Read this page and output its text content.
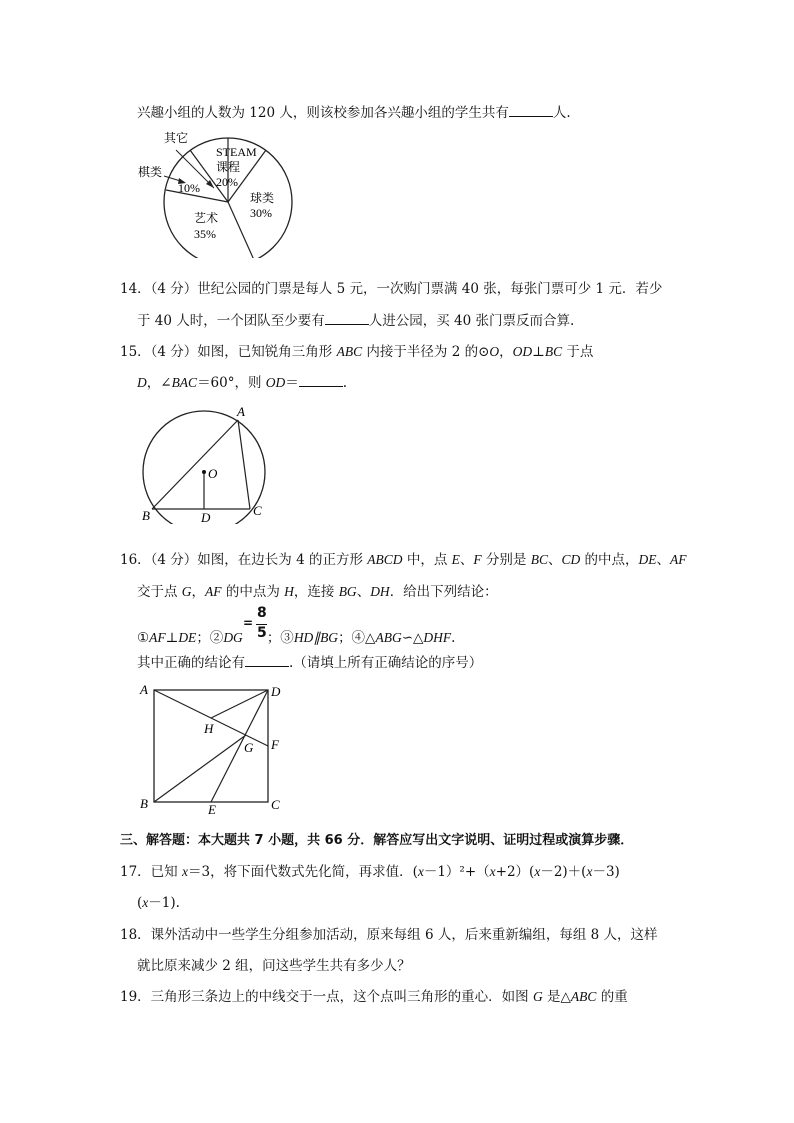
兴趣小组的人数为 120 人，则该校参加各兴趣小组的学生共有	人.
其它
棋类
STEAM
课程
20%
10%
球类
30%
艺术
35%
14．（4 分）世纪公园的门票是每人 5 元，一次购门票满 40 张，每张门票可少 1 元．若少
于 40 人时，一个团队至少要有	人进公园，买 40 张门票反而合算.
15．（4 分）如图，已知锐角三角形 ABC 内接于半径为 2 的⊙O，OD⊥BC 于点
D，∠BAC＝60°，则 OD＝	.
A
B	C
D
O
16．（4 分）如图，在边长为 4 的正方形 ABCD 中，点 E、F 分别是 BC、CD 的中点，DE、AF
交于点 G，AF 的中点为 H，连接 BG、DH．给出下列结论：
=
8
5
①AF⊥DE；②DG ；③HD∥BG；④△ABG∽△DHF.
其中正确的结论有	.（请填上所有正确结论的序号）
A	D
H
G F
B	E	C
三、解答题：本大题共 7 小题，共 66 分．解答应写出文字说明、证明过程或演算步骤．
17．已知 x＝3，将下面代数式先化简，再求值．(x－1）²+（x+2）(x－2)＋(x－3)
(x－1).
18．课外活动中一些学生分组参加活动，原来每组 6 人，后来重新编组，每组 8 人，这样
就比原来减少 2 组，问这些学生共有多少人？
19．三角形三条边上的中线交于一点，这个点叫三角形的重心．如图 G 是△ABC 的重
